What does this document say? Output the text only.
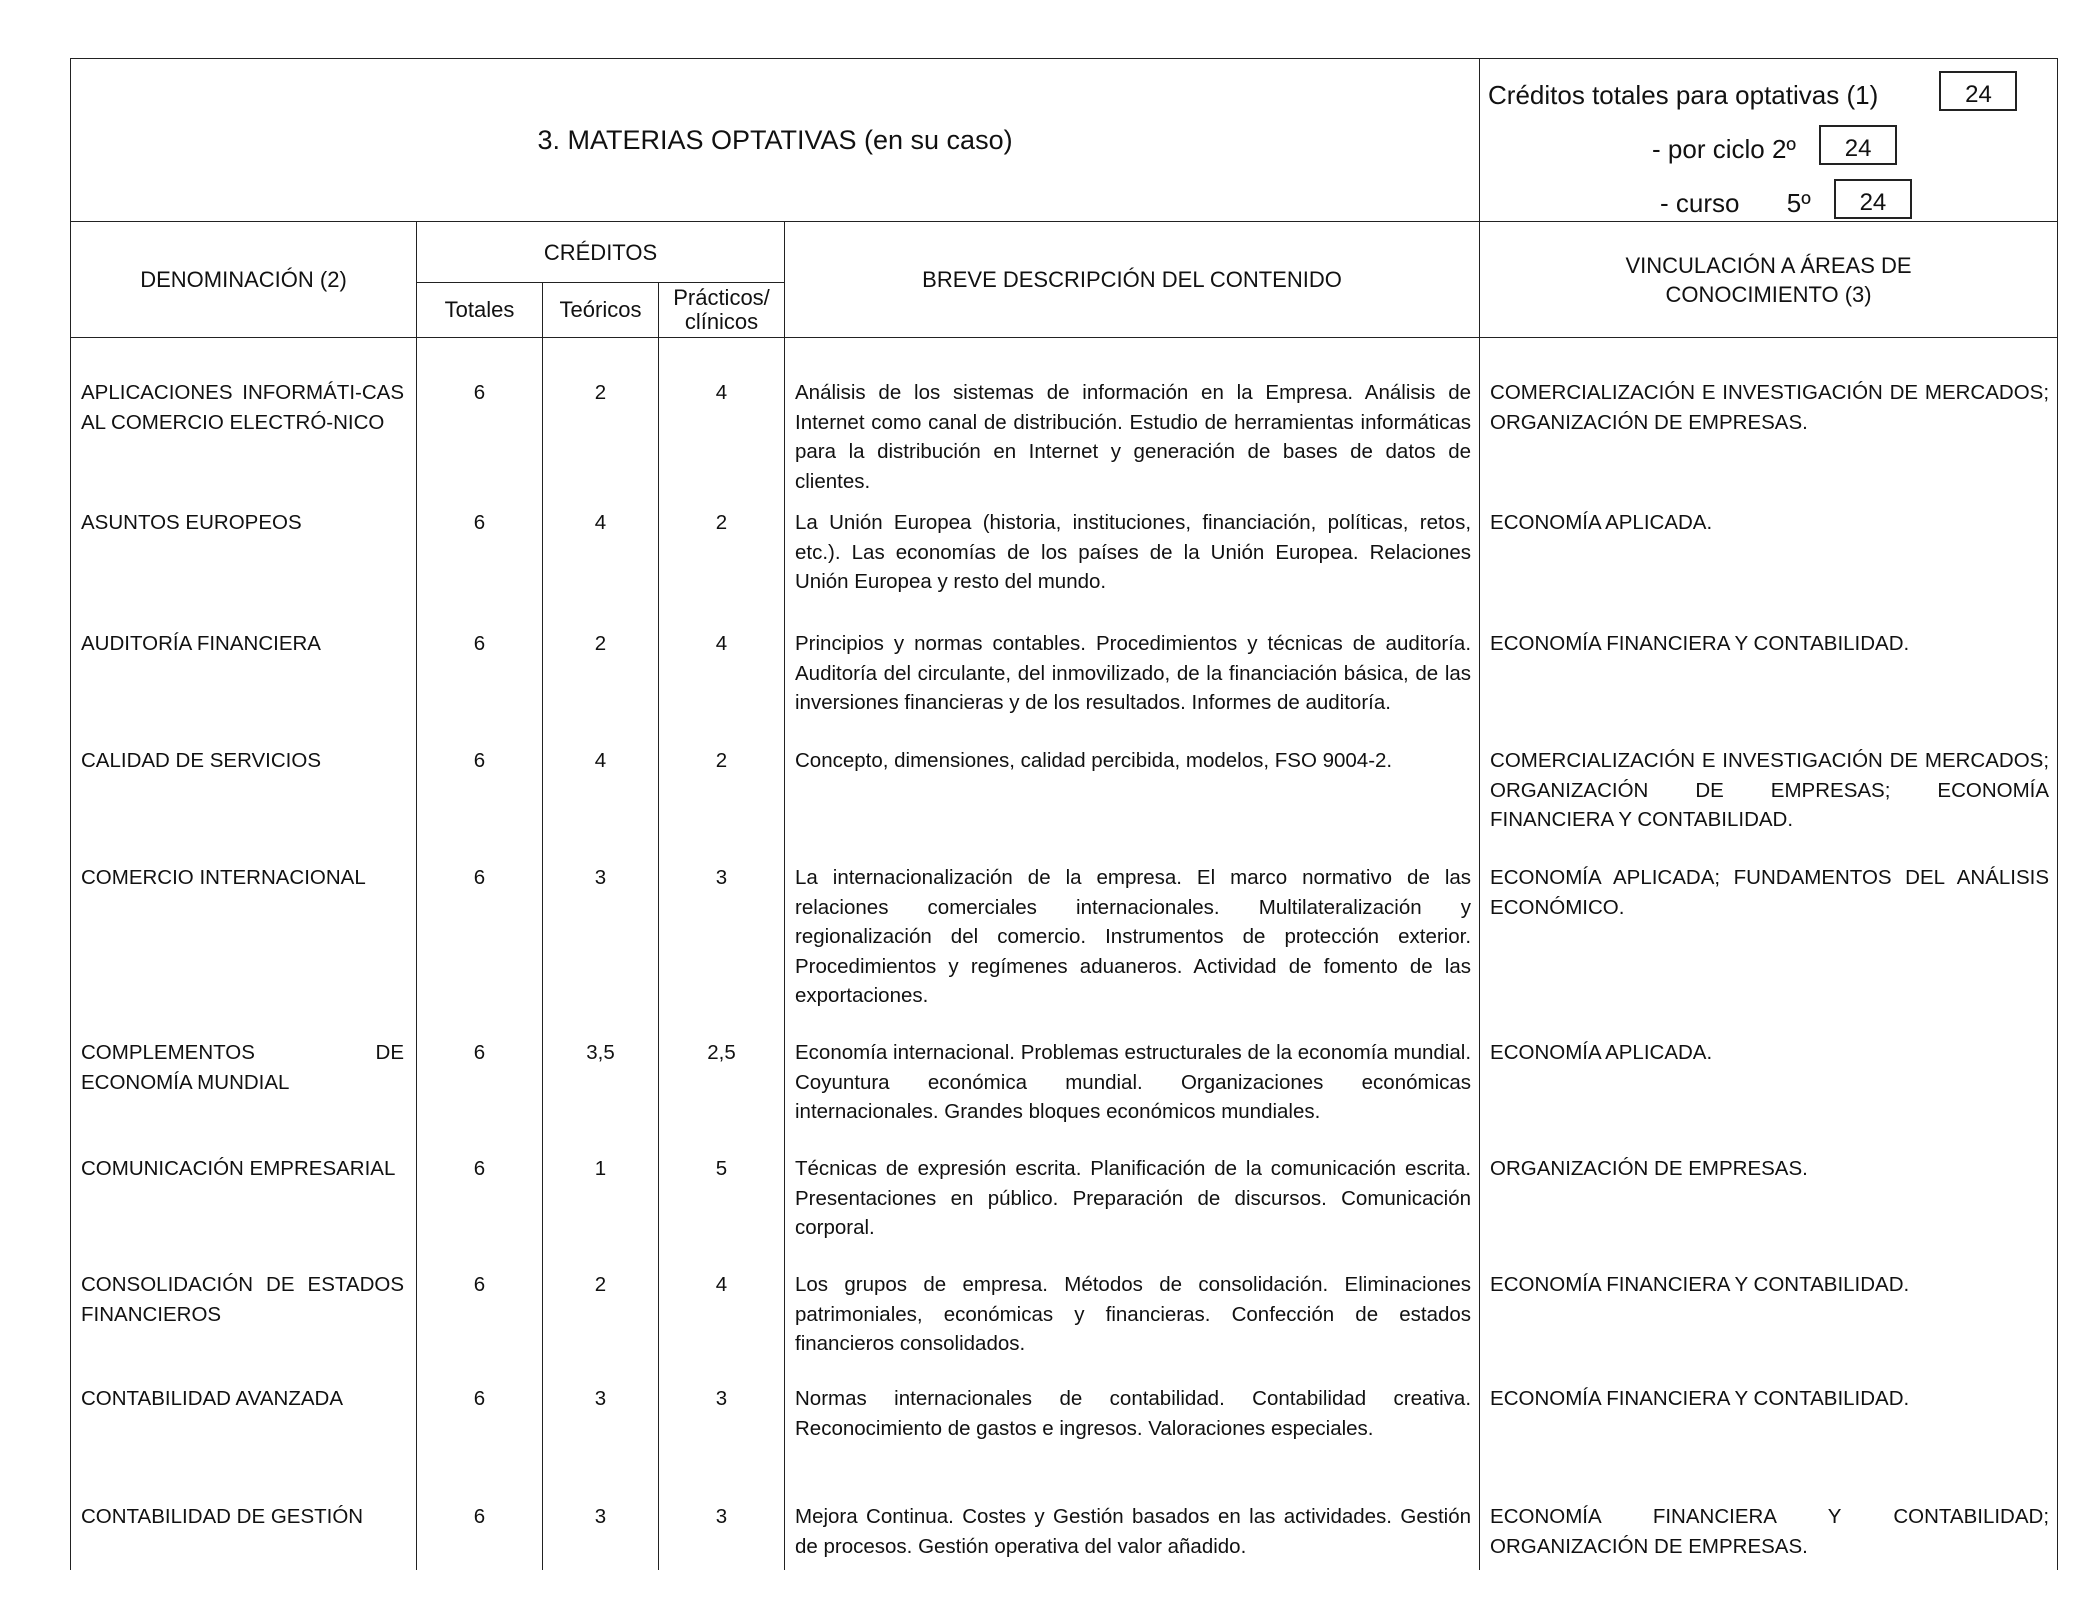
3. MATERIAS OPTATIVAS (en su caso)					Créditos totales para optativas (1) 24
- por ciclo 2º 24
- curso 5º 24

DENOMINACIÓN (2)	CRÉDITOS			BREVE DESCRIPCIÓN DEL CONTENIDO	VINCULACIÓN A ÁREAS DE
CONOCIMIENTO (3)

	Totales	Teóricos	Prácticos/
clínicos		

APLICACIONES INFORMÁTI-CAS AL COMERCIO ELECTRÓ-NICO	6	2	4	Análisis de los sistemas de información en la Empresa. Análisis de Internet como canal de distribución. Estudio de herramientas informáticas para la distribución en Internet y generación de bases de datos de clientes.	COMERCIALIZACIÓN E INVESTIGACIÓN DE MERCADOS; ORGANIZACIÓN DE EMPRESAS.
ASUNTOS EUROPEOS	6	4	2	La Unión Europea (historia, instituciones, financiación, políticas, retos, etc.). Las economías de los países de la Unión Europea. Relaciones Unión Europea y resto del mundo.	ECONOMÍA APLICADA.
AUDITORÍA FINANCIERA	6	2	4	Principios y normas contables. Procedimientos y técnicas de auditoría. Auditoría del circulante, del inmovilizado, de la financiación básica, de las inversiones financieras y de los resultados. Informes de auditoría.	ECONOMÍA FINANCIERA Y CONTABILIDAD.
CALIDAD DE SERVICIOS	6	4	2	Concepto, dimensiones, calidad percibida, modelos, FSO 9004-2.	COMERCIALIZACIÓN E INVESTIGACIÓN DE MERCADOS; ORGANIZACIÓN DE EMPRESAS; ECONOMÍA FINANCIERA Y CONTABILIDAD.
COMERCIO INTERNACIONAL	6	3	3	La internacionalización de la empresa. El marco normativo de las relaciones comerciales internacionales. Multilateralización y regionalización del comercio. Instrumentos de protección exterior. Procedimientos y regímenes aduaneros. Actividad de fomento de las exportaciones.	ECONOMÍA APLICADA; FUNDAMENTOS DEL ANÁLISIS ECONÓMICO.
COMPLEMENTOS DE ECONOMÍA MUNDIAL	6	3,5	2,5	Economía internacional. Problemas estructurales de la economía mundial. Coyuntura económica mundial. Organizaciones económicas internacionales. Grandes bloques económicos mundiales.	ECONOMÍA APLICADA.
COMUNICACIÓN EMPRESARIAL	6	1	5	Técnicas de expresión escrita. Planificación de la comunicación escrita. Presentaciones en público. Preparación de discursos. Comunicación corporal.	ORGANIZACIÓN DE EMPRESAS.
CONSOLIDACIÓN DE ESTADOS FINANCIEROS	6	2	4	Los grupos de empresa. Métodos de consolidación. Eliminaciones patrimoniales, económicas y financieras. Confección de estados financieros consolidados.	ECONOMÍA FINANCIERA Y CONTABILIDAD.
CONTABILIDAD AVANZADA	6	3	3	Normas internacionales de contabilidad. Contabilidad creativa. Reconocimiento de gastos e ingresos. Valoraciones especiales.	ECONOMÍA FINANCIERA Y CONTABILIDAD.
CONTABILIDAD DE GESTIÓN	6	3	3	Mejora Continua. Costes y Gestión basados en las actividades. Gestión de procesos. Gestión operativa del valor añadido.	ECONOMÍA FINANCIERA Y CONTABILIDAD; ORGANIZACIÓN DE EMPRESAS.
